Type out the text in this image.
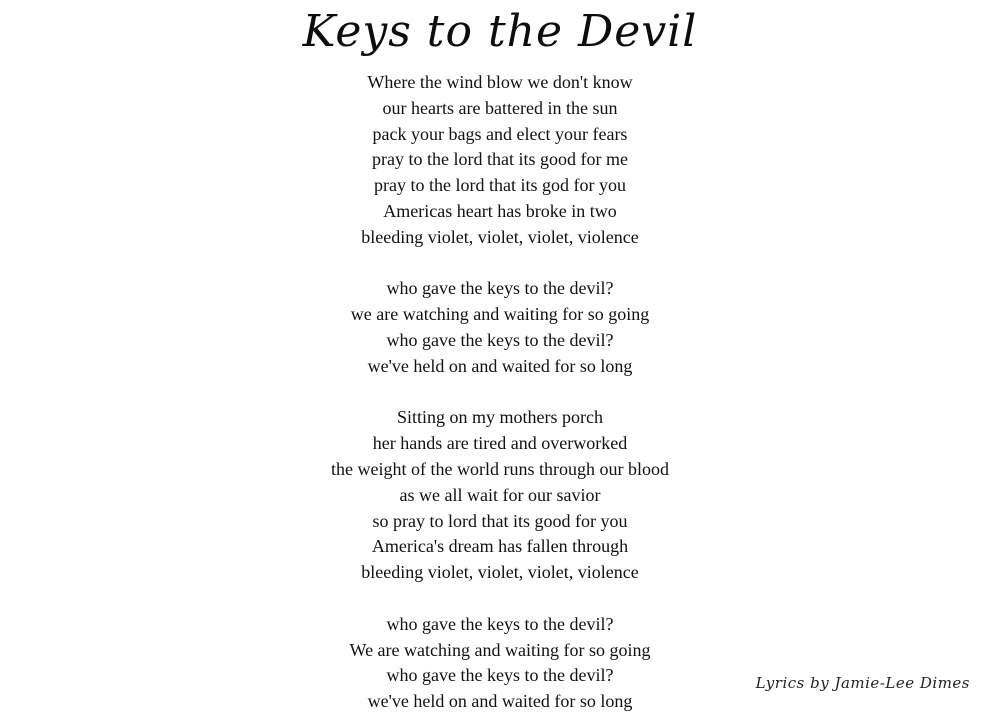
Keys to the Devil
Where the wind blow we don't know
our hearts are battered in the sun
pack your bags and elect your fears
pray to the lord that its good for me
pray to the lord that its god for you
Americas heart has broke in two
bleeding violet, violet, violet, violence
who gave the keys to the devil?
we are watching and waiting for so going
who gave the keys to the devil?
we've held on and waited for so long
Sitting on my mothers porch
her hands are tired and overworked
the weight of the world runs through our blood
as we all wait for our savior
so pray to lord that its good for you
America's dream has fallen through
bleeding violet, violet, violet, violence
who gave the keys to the devil?
We are watching and waiting for so going
who gave the keys to the devil?
we've held on and waited for so long
Lyrics by Jamie-Lee Dimes
